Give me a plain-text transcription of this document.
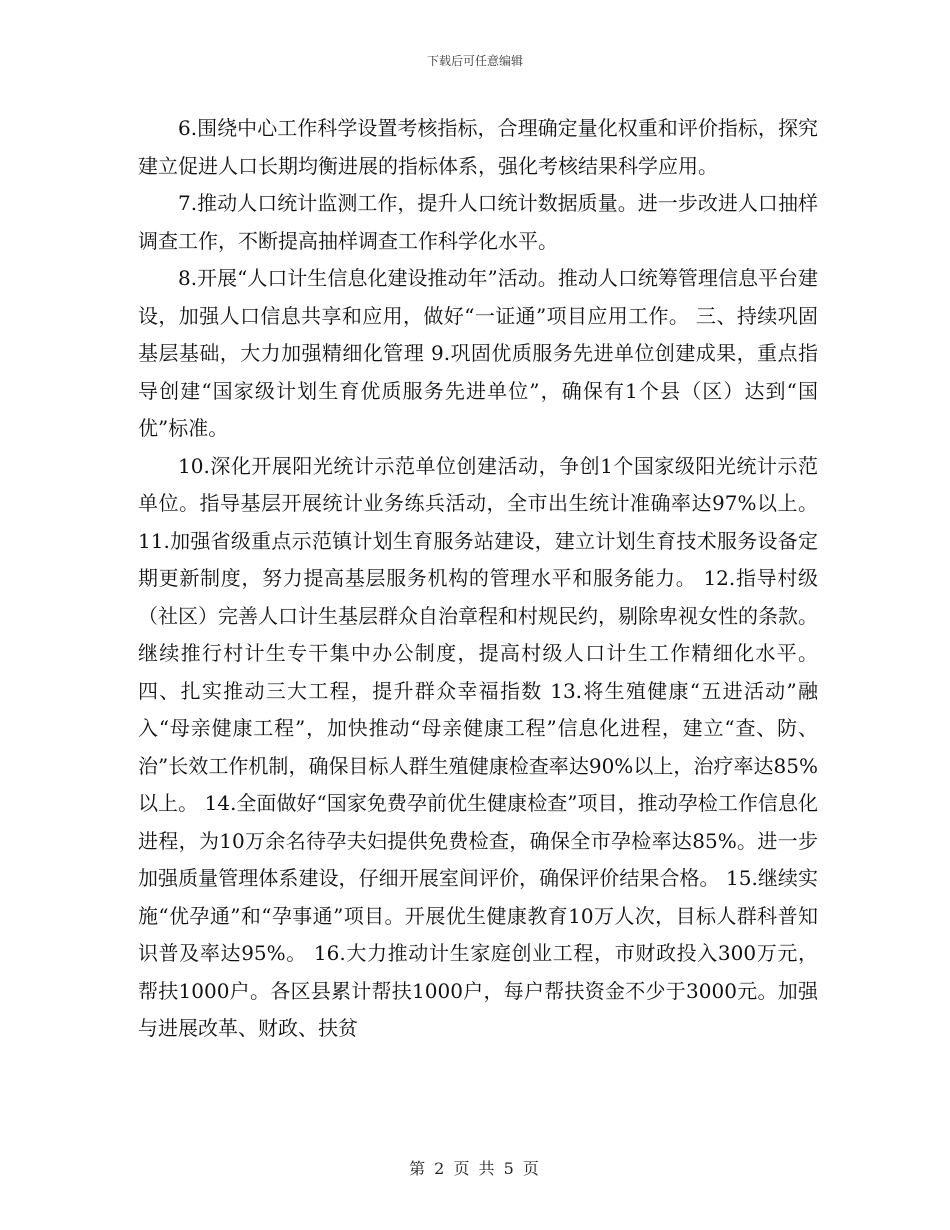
下载后可任意编辑

6.围绕中心工作科学设置考核指标，合理确定量化权重和评价指标，探究建立促进人口长期均衡进展的指标体系，强化考核结果科学应用。

7.推动人口统计监测工作，提升人口统计数据质量。进一步改进人口抽样调查工作，不断提高抽样调查工作科学化水平。

8.开展“人口计生信息化建设推动年”活动。推动人口统筹管理信息平台建设，加强人口信息共享和应用，做好“一证通”项目应用工作。 三、持续巩固基层基础，大力加强精细化管理 9.巩固优质服务先进单位创建成果，重点指导创建“国家级计划生育优质服务先进单位”，确保有1个县（区）达到“国优”标准。

10.深化开展阳光统计示范单位创建活动，争创1个国家级阳光统计示范单位。指导基层开展统计业务练兵活动，全市出生统计准确率达97%以上。 11.加强省级重点示范镇计划生育服务站建设，建立计划生育技术服务设备定期更新制度，努力提高基层服务机构的管理水平和服务能力。 12.指导村级（社区）完善人口计生基层群众自治章程和村规民约，剔除卑视女性的条款。继续推行村计生专干集中办公制度，提高村级人口计生工作精细化水平。 四、扎实推动三大工程，提升群众幸福指数 13.将生殖健康“五进活动”融入“母亲健康工程”，加快推动“母亲健康工程”信息化进程，建立“查、防、治”长效工作机制，确保目标人群生殖健康检查率达90%以上，治疗率达85%以上。 14.全面做好“国家免费孕前优生健康检查”项目，推动孕检工作信息化进程，为10万余名待孕夫妇提供免费检查，确保全市孕检率达85%。进一步加强质量管理体系建设，仔细开展室间评价，确保评价结果合格。 15.继续实施“优孕通”和“孕事通”项目。开展优生健康教育10万人次，目标人群科普知识普及率达95%。 16.大力推动计生家庭创业工程，市财政投入300万元，帮扶1000户。各区县累计帮扶1000户，每户帮扶资金不少于3000元。加强与进展改革、财政、扶贫

第 2 页 共 5 页
